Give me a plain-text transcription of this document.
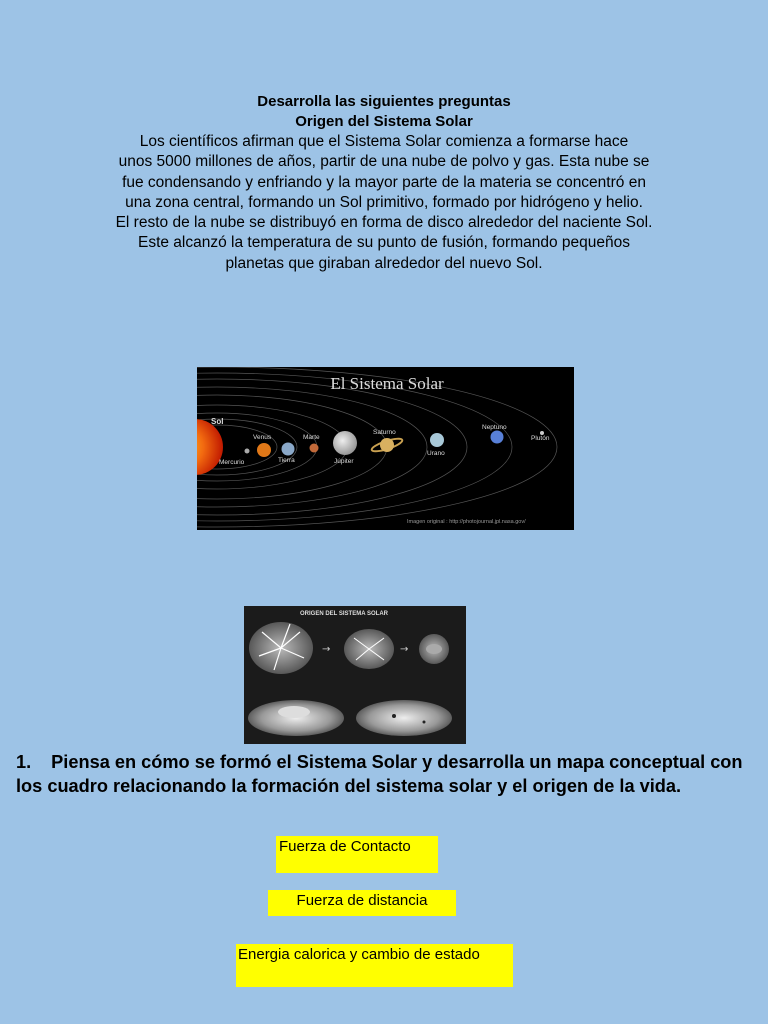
Desarrolla las siguientes preguntas
Origen del Sistema Solar
Los científicos afirman que el Sistema Solar comienza a formarse hace
unos 5000 millones de años, partir de una nube de polvo y gas. Esta nube se
fue condensando y enfriando y la mayor parte de la materia se concentró en
una zona central, formando un Sol primitivo, formado por hidrógeno y helio.
El resto de la nube se distribuyó en forma de disco alrededor del naciente Sol.
Este alcanzó la temperatura de su punto de fusión, formando pequeños
planetas que giraban alrededor del nuevo Sol.
El Sistema Solar
Sol
Venus
Mercurio	Tierra
Marte
Júpiter
Saturno
Urano
Neptuno
Plutón
Imagen original : http://photojournal.jpl.nasa.gov/
ORIGEN DEL SISTEMA SOLAR
→	→
1. Piensa en cómo se formó el Sistema Solar y desarrolla un mapa conceptual con los cuadro relacionando la formación del sistema solar y el origen de la vida.
Fuerza de Contacto
Fuerza de distancia
Energia calorica y cambio de estado
